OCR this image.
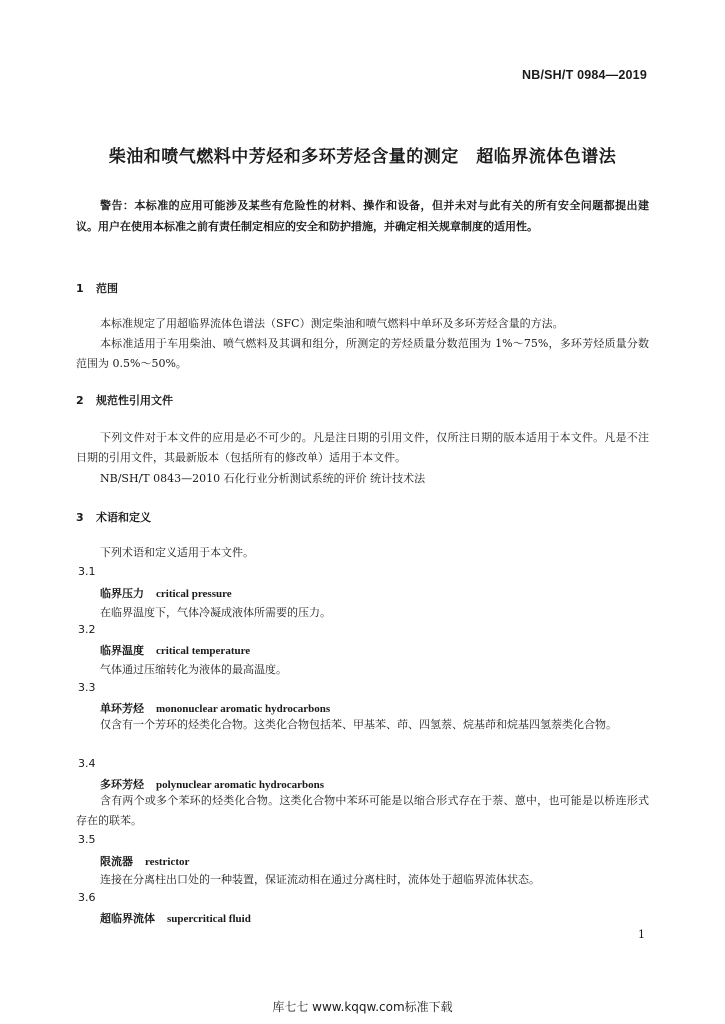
NB/SH/T 0984—2019
柴油和喷气燃料中芳烃和多环芳烃含量的测定　超临界流体色谱法
警告：本标准的应用可能涉及某些有危险性的材料、操作和设备，但并未对与此有关的所有安全问题都提出建议。用户在使用本标准之前有责任制定相应的安全和防护措施，并确定相关规章制度的适用性。
1 范围
本标准规定了用超临界流体色谱法（SFC）测定柴油和喷气燃料中单环及多环芳烃含量的方法。
本标准适用于车用柴油、喷气燃料及其调和组分，所测定的芳烃质量分数范围为 1%～75%，多环芳烃质量分数范围为 0.5%～50%。
2 规范性引用文件
下列文件对于本文件的应用是必不可少的。凡是注日期的引用文件，仅所注日期的版本适用于本文件。凡是不注日期的引用文件，其最新版本（包括所有的修改单）适用于本文件。
NB/SH/T 0843—2010 石化行业分析测试系统的评价 统计技术法
3 术语和定义
下列术语和定义适用于本文件。
3.1
临界压力 critical pressure
在临界温度下，气体冷凝成液体所需要的压力。
3.2
临界温度 critical temperature
气体通过压缩转化为液体的最高温度。
3.3
单环芳烃 mononuclear aromatic hydrocarbons
仅含有一个芳环的烃类化合物。这类化合物包括苯、甲基苯、茚、四氢萘、烷基茚和烷基四氢萘类化合物。
3.4
多环芳烃 polynuclear aromatic hydrocarbons
含有两个或多个苯环的烃类化合物。这类化合物中苯环可能是以缩合形式存在于萘、蒽中，也可能是以桥连形式存在的联苯。
3.5
限流器 restrictor
连接在分离柱出口处的一种装置，保证流动相在通过分离柱时，流体处于超临界流体状态。
3.6
超临界流体 supercritical fluid
1
库七七 www.kqqw.com标准下载
